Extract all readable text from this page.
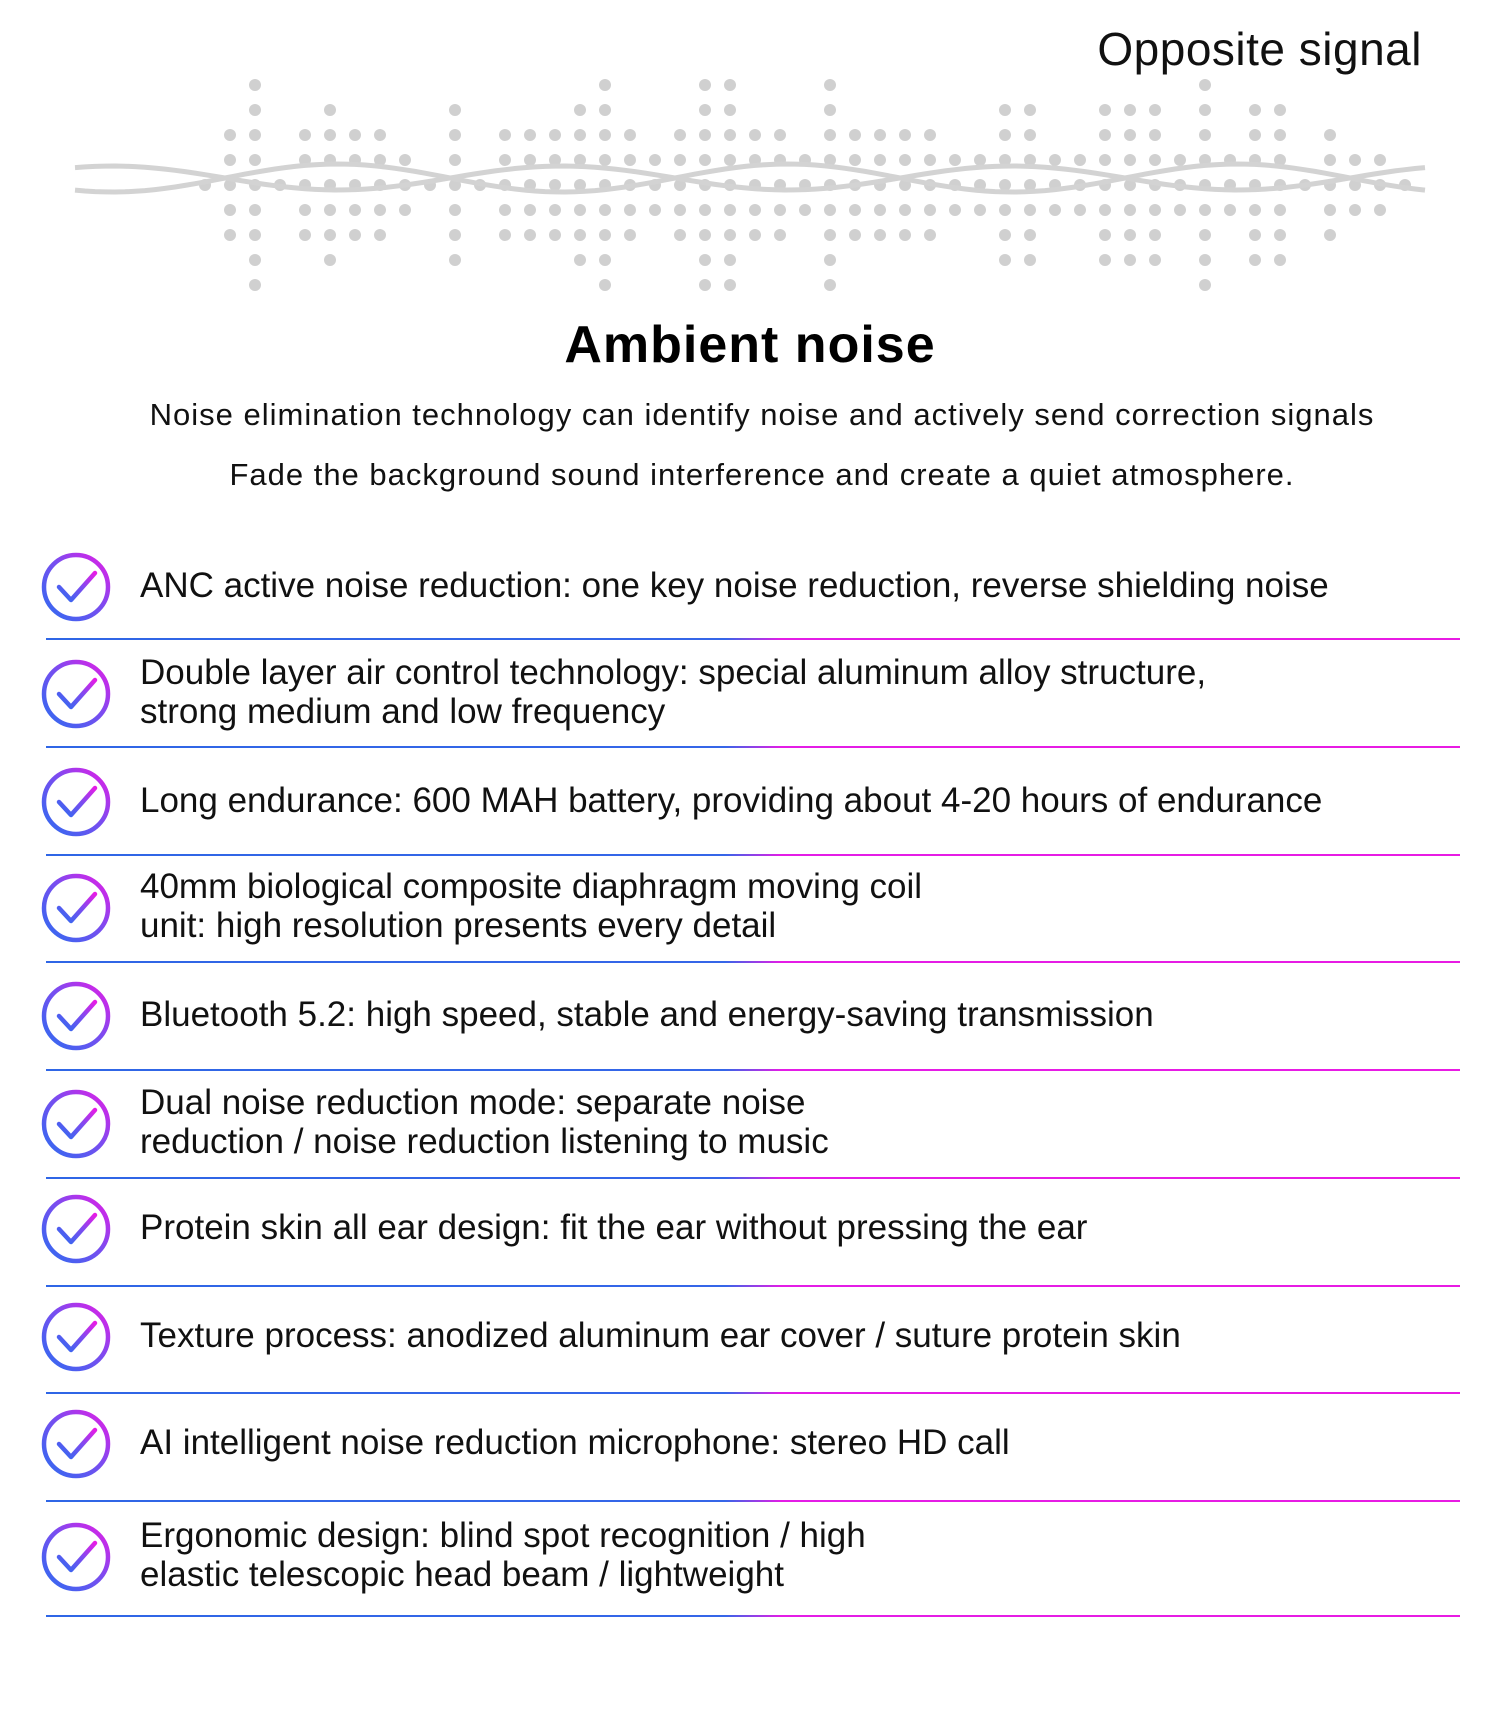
Opposite signal
Ambient noise
Noise elimination technology can identify noise and actively send correction signals
Fade the background sound interference and create a quiet atmosphere.
ANC active noise reduction: one key noise reduction, reverse shielding noise
Double layer air control technology: special aluminum alloy structure,
strong medium and low frequency
Long endurance: 600 MAH battery, providing about 4-20 hours of endurance
40mm biological composite diaphragm moving coil
unit: high resolution presents every detail
Bluetooth 5.2: high speed, stable and energy-saving transmission
Dual noise reduction mode: separate noise
reduction / noise reduction listening to music
Protein skin all ear design: fit the ear without pressing the ear
Texture process: anodized aluminum ear cover / suture protein skin
AI intelligent noise reduction microphone: stereo HD call
Ergonomic design: blind spot recognition / high
elastic telescopic head beam / lightweight
